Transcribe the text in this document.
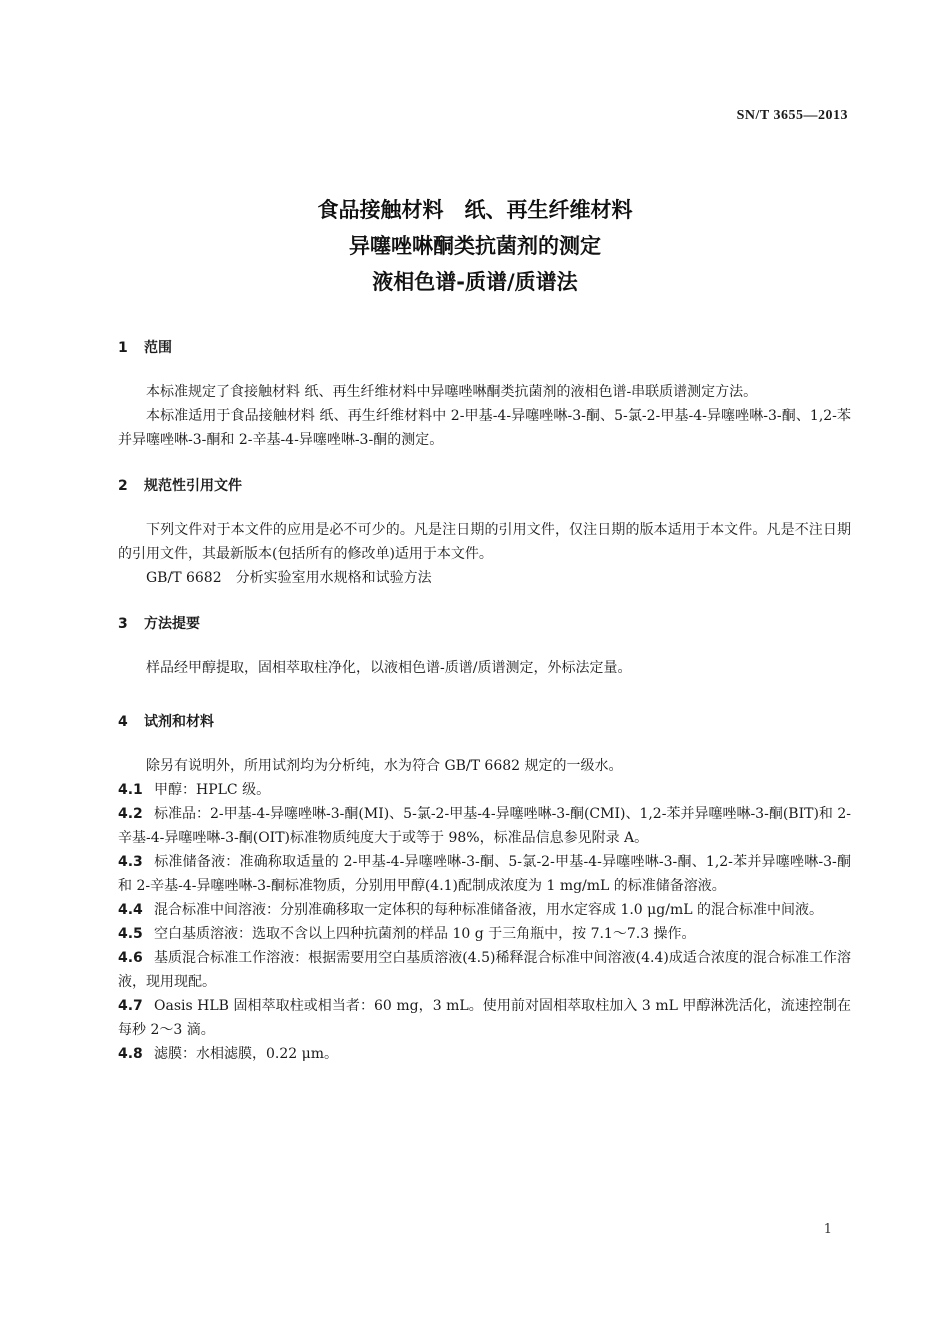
SN/T 3655—2013
食品接触材料　纸、再生纤维材料
异噻唑啉酮类抗菌剂的测定
液相色谱-质谱/质谱法
1 范围

本标准规定了食接触材料 纸、再生纤维材料中异噻唑啉酮类抗菌剂的液相色谱-串联质谱测定方法。

本标准适用于食品接触材料 纸、再生纤维材料中 2-甲基-4-异噻唑啉-3-酮、5-氯-2-甲基-4-异噻唑啉-3-酮、1,2-苯并异噻唑啉-3-酮和 2-辛基-4-异噻唑啉-3-酮的测定。

2 规范性引用文件

下列文件对于本文件的应用是必不可少的。凡是注日期的引用文件，仅注日期的版本适用于本文件。凡是不注日期的引用文件，其最新版本(包括所有的修改单)适用于本文件。

GB/T 6682　分析实验室用水规格和试验方法

3 方法提要

样品经甲醇提取，固相萃取柱净化，以液相色谱-质谱/质谱测定，外标法定量。

4 试剂和材料

除另有说明外，所用试剂均为分析纯，水为符合 GB/T 6682 规定的一级水。

4.1 甲醇：HPLC 级。

4.2 标准品：2-甲基-4-异噻唑啉-3-酮(MI)、5-氯-2-甲基-4-异噻唑啉-3-酮(CMI)、1,2-苯并异噻唑啉-3-酮(BIT)和 2-辛基-4-异噻唑啉-3-酮(OIT)标准物质纯度大于或等于 98%，标准品信息参见附录 A。

4.3 标准储备液：准确称取适量的 2-甲基-4-异噻唑啉-3-酮、5-氯-2-甲基-4-异噻唑啉-3-酮、1,2-苯并异噻唑啉-3-酮和 2-辛基-4-异噻唑啉-3-酮标准物质，分别用甲醇(4.1)配制成浓度为 1 mg/mL 的标准储备溶液。

4.4 混合标准中间溶液：分别准确移取一定体积的每种标准储备液，用水定容成 1.0 μg/mL 的混合标准中间液。

4.5 空白基质溶液：选取不含以上四种抗菌剂的样品 10 g 于三角瓶中，按 7.1～7.3 操作。

4.6 基质混合标准工作溶液：根据需要用空白基质溶液(4.5)稀释混合标准中间溶液(4.4)成适合浓度的混合标准工作溶液，现用现配。

4.7 Oasis HLB 固相萃取柱或相当者：60 mg，3 mL。使用前对固相萃取柱加入 3 mL 甲醇淋洗活化，流速控制在每秒 2～3 滴。

4.8 滤膜：水相滤膜，0.22 μm。

1
